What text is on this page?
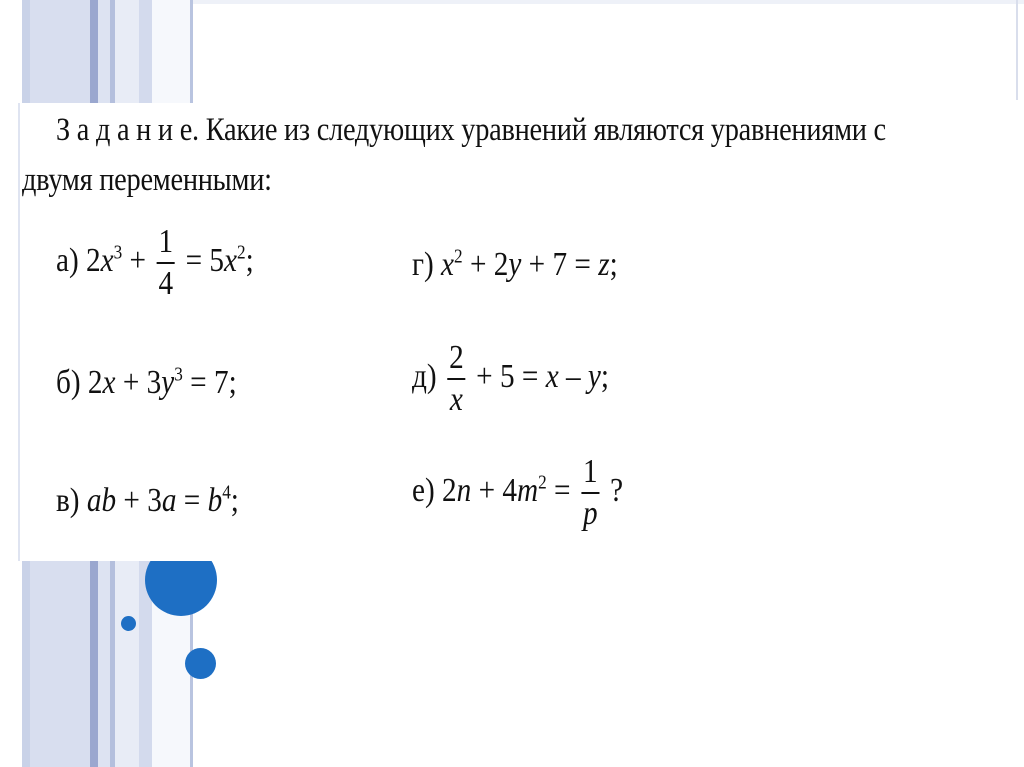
З а д а н и е. Какие из следующих уравнений являются уравнениями с
двумя переменными:
а) $2x^3 + \frac{1}{4} = 5x^2$;	г) $x^2 + 2y + 7 = z$;
б) $2x + 3y^3 = 7$;	$д) \frac{2}{x} + 5 = x - y$;
в) ab + $3a = b^4$;	е) $2n + 4m^2 = \frac{1}{p}$ ?
